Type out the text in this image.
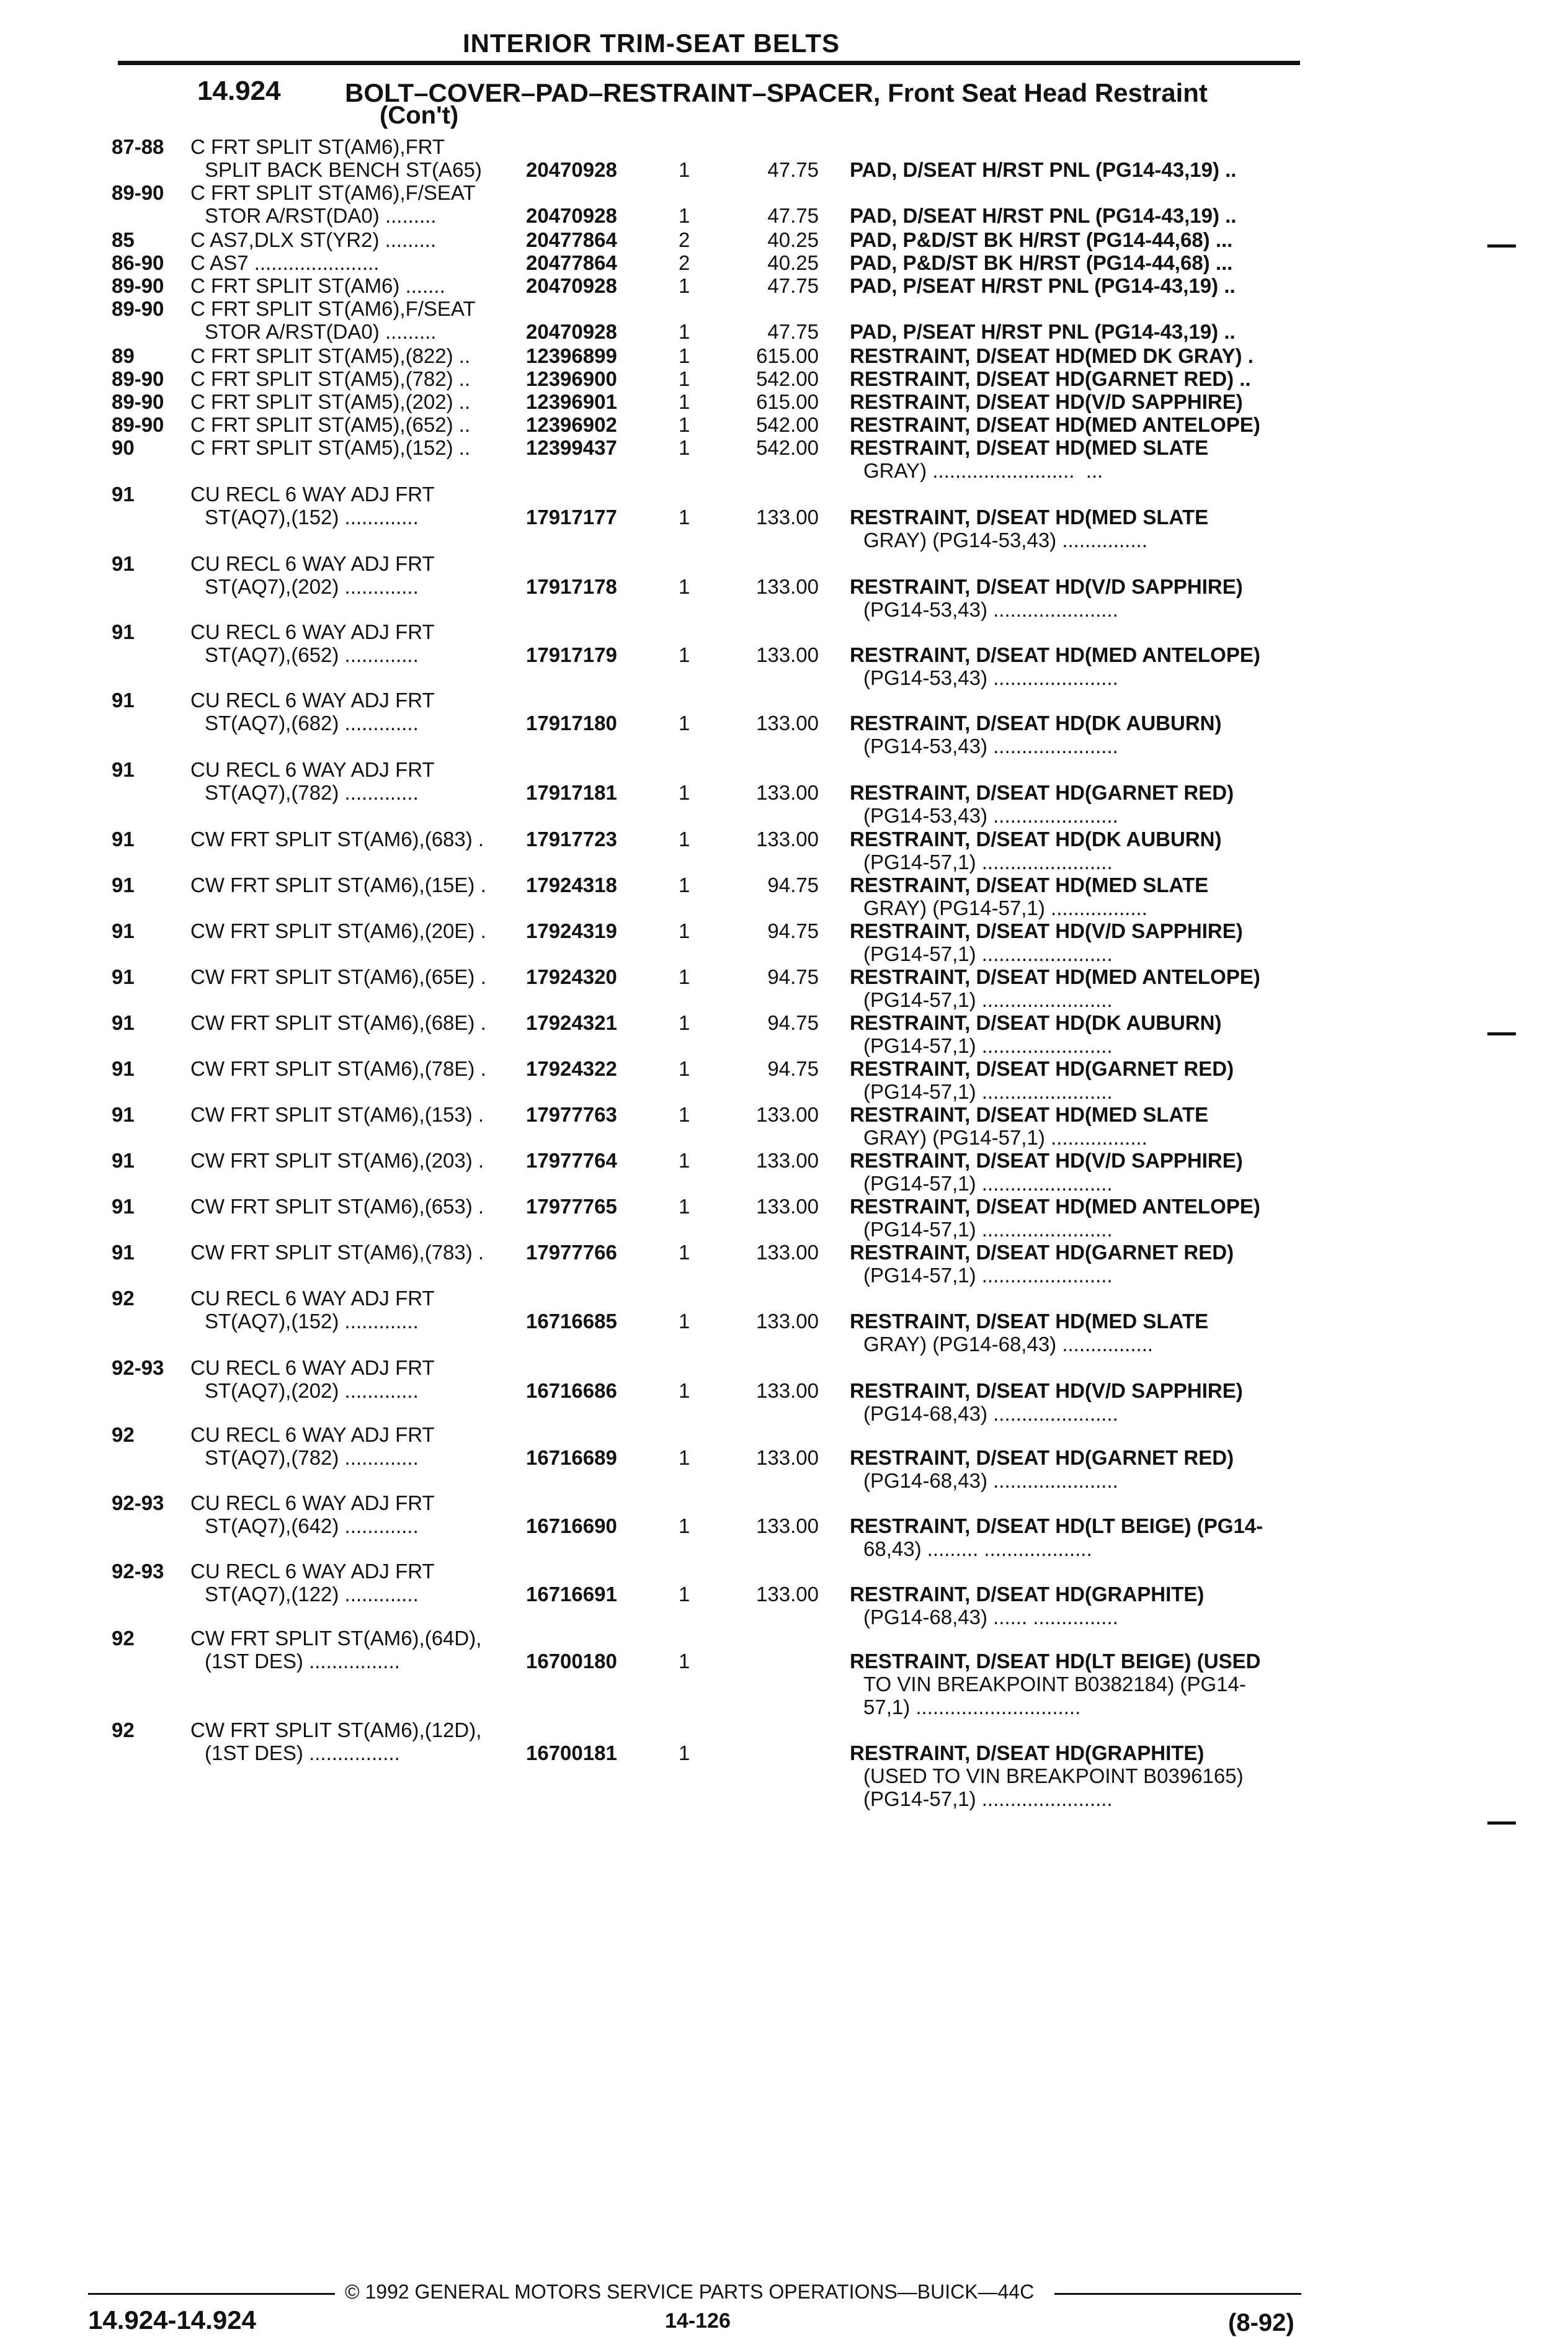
INTERIOR TRIM-SEAT BELTS
14.924 BOLT–COVER–PAD–RESTRAINT–SPACER, Front Seat Head Restraint
(Con't)
87-88	C FRT SPLIT ST(AM6),FRT
SPLIT BACK BENCH ST(A65)	20470928	1	47.75 PAD, D/SEAT H/RST PNL (PG14-43,19) ..
89-90	C FRT SPLIT ST(AM6),F/SEAT
STOR A/RST(DA0) .........	20470928	1	47.75 PAD, D/SEAT H/RST PNL (PG14-43,19) ..
85	C AS7,DLX ST(YR2) .........	20477864	2	40.25 PAD, P&D/ST BK H/RST (PG14-44,68) ...
86-90	C AS7 ......................	20477864	2	40.25 PAD, P&D/ST BK H/RST (PG14-44,68) ...
89-90	C FRT SPLIT ST(AM6) .......	20470928	1	47.75 PAD, P/SEAT H/RST PNL (PG14-43,19) ..
89-90	C FRT SPLIT ST(AM6),F/SEAT
STOR A/RST(DA0) .........	20470928	1	47.75 PAD, P/SEAT H/RST PNL (PG14-43,19) ..
89	C FRT SPLIT ST(AM5),(822) ..	12396899	1	615.00 RESTRAINT, D/SEAT HD(MED DK GRAY) .
89-90	C FRT SPLIT ST(AM5),(782) ..	12396900	1	542.00 RESTRAINT, D/SEAT HD(GARNET RED) ..
89-90	C FRT SPLIT ST(AM5),(202) ..	12396901	1	615.00 RESTRAINT, D/SEAT HD(V/D SAPPHIRE)
89-90	C FRT SPLIT ST(AM5),(652) ..	12396902	1	542.00 RESTRAINT, D/SEAT HD(MED ANTELOPE)
90	C FRT SPLIT ST(AM5),(152) ..	12399437	1	542.00 RESTRAINT, D/SEAT HD(MED SLATE
GRAY) .........................  ...
91	CU RECL 6 WAY ADJ FRT
ST(AQ7),(152) .............	17917177	1	133.00 RESTRAINT, D/SEAT HD(MED SLATE
GRAY) (PG14-53,43) ...............
91	CU RECL 6 WAY ADJ FRT
ST(AQ7),(202) .............	17917178	1	133.00 RESTRAINT, D/SEAT HD(V/D SAPPHIRE)
(PG14-53,43) ......................
91	CU RECL 6 WAY ADJ FRT
ST(AQ7),(652) .............	17917179	1	133.00 RESTRAINT, D/SEAT HD(MED ANTELOPE)
(PG14-53,43) ......................
91	CU RECL 6 WAY ADJ FRT
ST(AQ7),(682) .............	17917180	1	133.00 RESTRAINT, D/SEAT HD(DK AUBURN)
(PG14-53,43) ......................
91	CU RECL 6 WAY ADJ FRT
ST(AQ7),(782) .............	17917181	1	133.00 RESTRAINT, D/SEAT HD(GARNET RED)
(PG14-53,43) ......................
91	CW FRT SPLIT ST(AM6),(683) .	17917723	1	133.00 RESTRAINT, D/SEAT HD(DK AUBURN)
(PG14-57,1) .......................
91	CW FRT SPLIT ST(AM6),(15E) .	17924318	1	94.75 RESTRAINT, D/SEAT HD(MED SLATE
GRAY) (PG14-57,1) .................
91	CW FRT SPLIT ST(AM6),(20E) .	17924319	1	94.75 RESTRAINT, D/SEAT HD(V/D SAPPHIRE)
(PG14-57,1) .......................
91	CW FRT SPLIT ST(AM6),(65E) .	17924320	1	94.75 RESTRAINT, D/SEAT HD(MED ANTELOPE)
(PG14-57,1) .......................
91	CW FRT SPLIT ST(AM6),(68E) .	17924321	1	94.75 RESTRAINT, D/SEAT HD(DK AUBURN)
(PG14-57,1) .......................
91	CW FRT SPLIT ST(AM6),(78E) .	17924322	1	94.75 RESTRAINT, D/SEAT HD(GARNET RED)
(PG14-57,1) .......................
91	CW FRT SPLIT ST(AM6),(153) .	17977763	1	133.00 RESTRAINT, D/SEAT HD(MED SLATE
GRAY) (PG14-57,1) .................
91	CW FRT SPLIT ST(AM6),(203) .	17977764	1	133.00 RESTRAINT, D/SEAT HD(V/D SAPPHIRE)
(PG14-57,1) .......................
91	CW FRT SPLIT ST(AM6),(653) .	17977765	1	133.00 RESTRAINT, D/SEAT HD(MED ANTELOPE)
(PG14-57,1) .......................
91	CW FRT SPLIT ST(AM6),(783) .	17977766	1	133.00 RESTRAINT, D/SEAT HD(GARNET RED)
(PG14-57,1) .......................
92	CU RECL 6 WAY ADJ FRT
ST(AQ7),(152) .............	16716685	1	133.00 RESTRAINT, D/SEAT HD(MED SLATE
GRAY) (PG14-68,43) ................
92-93	CU RECL 6 WAY ADJ FRT
ST(AQ7),(202) .............	16716686	1	133.00 RESTRAINT, D/SEAT HD(V/D SAPPHIRE)
(PG14-68,43) ......................
92	CU RECL 6 WAY ADJ FRT
ST(AQ7),(782) .............	16716689	1	133.00 RESTRAINT, D/SEAT HD(GARNET RED)
(PG14-68,43) ......................
92-93	CU RECL 6 WAY ADJ FRT
ST(AQ7),(642) .............	16716690	1	133.00 RESTRAINT, D/SEAT HD(LT BEIGE) (PG14-
68,43) ......... ...................
92-93	CU RECL 6 WAY ADJ FRT
ST(AQ7),(122) .............	16716691	1	133.00 RESTRAINT, D/SEAT HD(GRAPHITE)
(PG14-68,43) ...... ...............
92	CW FRT SPLIT ST(AM6),(64D),
(1ST DES) ................	16700180	1	RESTRAINT, D/SEAT HD(LT BEIGE) (USED
TO VIN BREAKPOINT B0382184) (PG14-
57,1) .............................
92	CW FRT SPLIT ST(AM6),(12D),
(1ST DES) ................	16700181	1	RESTRAINT, D/SEAT HD(GRAPHITE)
(USED TO VIN BREAKPOINT B0396165)
(PG14-57,1) .......................
© 1992 GENERAL MOTORS SERVICE PARTS OPERATIONS—BUICK—44C
14.924-14.924	14-126	(8-92)
